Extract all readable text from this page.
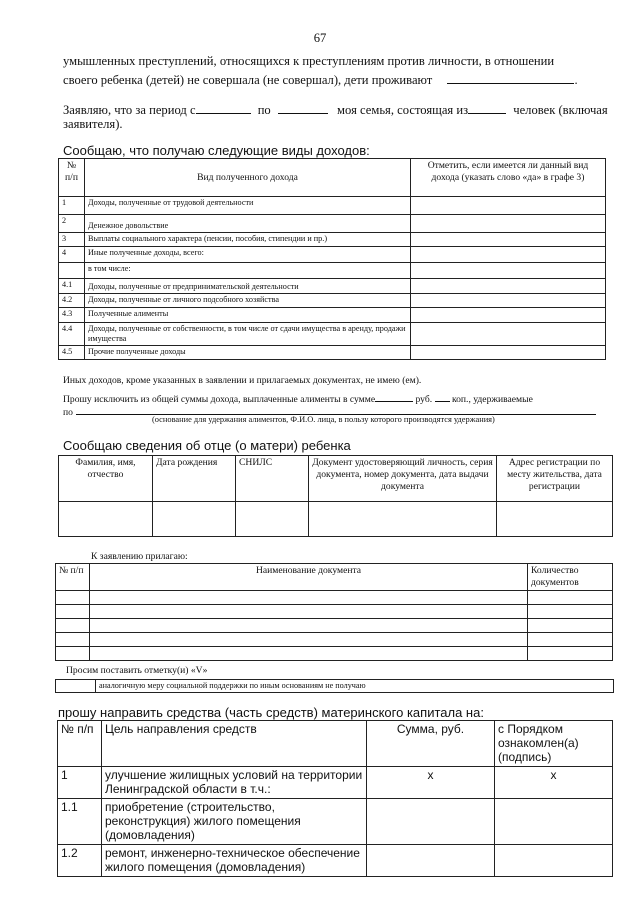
67
умышленных преступлений, относящихся к преступлениям против личности, в отношении
своего ребенка (детей) не совершала (не совершал), дети проживают	.
Заявляю, что за период с	по	моя семья, состоящая из	человек (включая
заявителя).
Сообщаю, что получаю следующие виды доходов:
№ п/п	Вид полученного дохода	Отметить, если имеется ли данный вид дохода (указать слово «да» в графе 3)
1	Доходы, полученные от трудовой деятельности	
2	Денежное довольствие	
3	Выплаты социального характера (пенсии, пособия, стипендии и пр.)	
4	Иные полученные доходы, всего:	
	в том числе:	
4.1	Доходы, полученные от предпринимательской деятельности	
4.2	Доходы, полученные от личного подсобного хозяйства	
4.3	Полученные алименты	
4.4	Доходы, полученные от собственности, в том числе от сдачи имущества в аренду, продажи имущества	
4.5	Прочие полученные доходы	
Иных доходов, кроме указанных в заявлении и прилагаемых документах, не имею (ем).
Прошу исключить из общей суммы дохода, выплаченные алименты в сумме	руб. коп., удерживаемые
по
(основание для удержания алиментов, Ф.И.О. лица, в пользу которого производятся удержания)
Сообщаю сведения об отце (о матери) ребенка
Фамилия, имя, отчество	Дата рождения	СНИЛС	Документ удостоверяющий личность, серия документа, номер документа, дата выдачи документа	Адрес регистрации по месту жительства, дата регистрации

К заявлению прилагаю:
№ п/п	Наименование документа	Количество документов

Просим поставить отметку(и) «V»
	аналогичную меру социальной поддержки по иным основаниям не получаю
прошу направить средства (часть средств) материнского капитала на:
№ п/п	Цель направления средств	Сумма, руб.	с Порядком ознакомлен(а) (подпись)
1	улучшение жилищных условий на территории Ленинградской области в т.ч.:	х	х
1.1	приобретение (строительство, реконструкция) жилого помещения (домовладения)		
1.2	ремонт, инженерно-техническое обеспечение жилого помещения (домовладения)		
